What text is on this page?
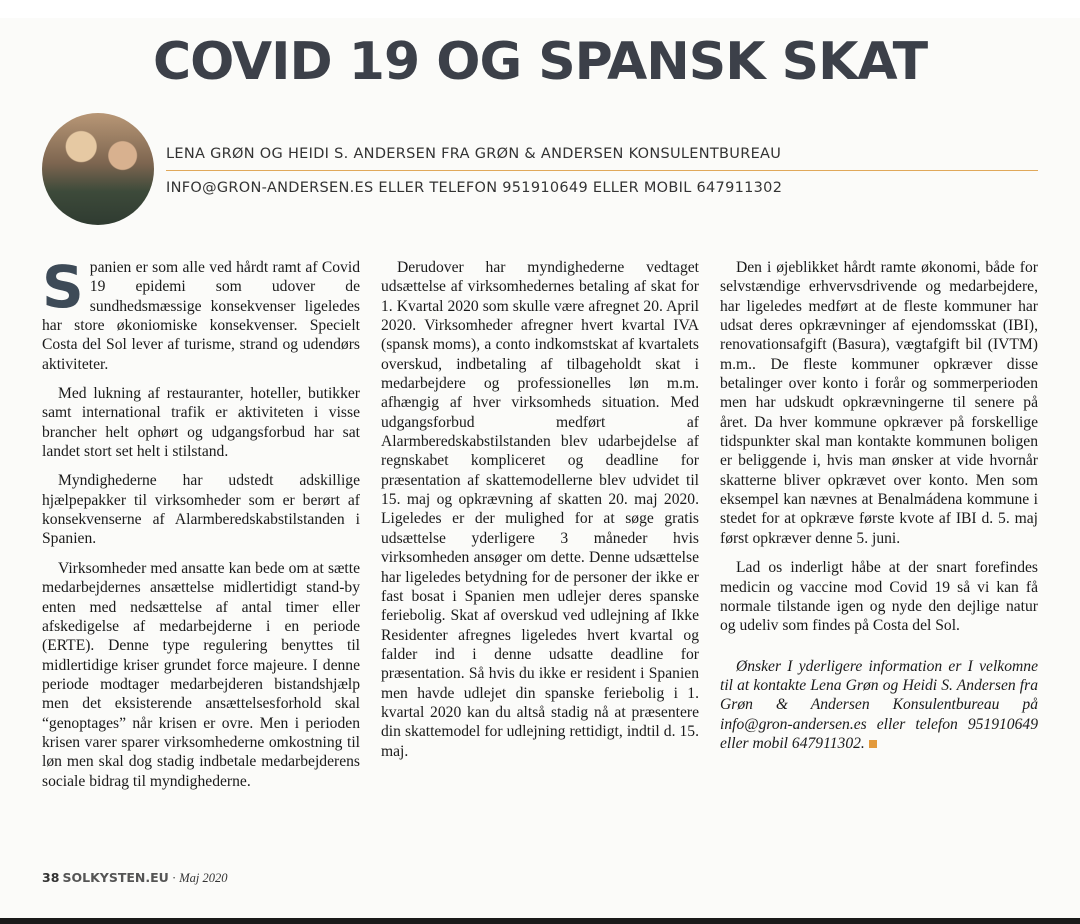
COVID 19 OG SPANSK SKAT
LENA GRØN OG HEIDI S. ANDERSEN FRA GRØN & ANDERSEN KONSULENTBUREAU
INFO@GRON-ANDERSEN.ES ELLER TELEFON 951910649 ELLER MOBIL 647911302

Spanien er som alle ved hårdt ramt af Covid 19 epidemi som udover de sundhedsmæssige konsekvenser ligeledes har store økoniomiske konsekvenser. Specielt Costa del Sol lever af turisme, strand og udendørs aktiviteter.

Med lukning af restauranter, hoteller, butikker samt international trafik er aktiviteten i visse brancher helt ophørt og udgangsforbud har sat landet stort set helt i stilstand.

Myndighederne har udstedt adskillige hjælpepakker til virksomheder som er berørt af konsekvenserne af Alarmberedskabstilstanden i Spanien.

Virksomheder med ansatte kan bede om at sætte medarbejdernes ansættelse midlertidigt stand-by enten med nedsættelse af antal timer eller afskedigelse af medarbejderne i en periode (ERTE). Denne type regulering benyttes til midlertidige kriser grundet force majeure. I denne periode modtager medarbejderen bistandshjælp men det eksisterende ansættelsesforhold skal “genoptages” når krisen er ovre. Men i perioden krisen varer sparer virksomhederne omkostning til løn men skal dog stadig indbetale medarbejderens sociale bidrag til myndighederne.

Derudover har myndighederne vedtaget udsættelse af virksomhedernes betaling af skat for 1. Kvartal 2020 som skulle være afregnet 20. April 2020. Virksomheder afregner hvert kvartal IVA (spansk moms), a conto indkomstskat af kvartalets overskud, indbetaling af tilbageholdt skat i medarbejdere og professionelles løn m.m. afhængig af hver virksomheds situation. Med udgangsforbud medført af Alarmberedskabstilstanden blev udarbejdelse af regnskabet kompliceret og deadline for præsentation af skattemodellerne blev udvidet til 15. maj og opkrævning af skatten 20. maj 2020. Ligeledes er der mulighed for at søge gratis udsættelse yderligere 3 måneder hvis virksomheden ansøger om dette. Denne udsættelse har ligeledes betydning for de personer der ikke er fast bosat i Spanien men udlejer deres spanske feriebolig. Skat af overskud ved udlejning af Ikke Residenter afregnes ligeledes hvert kvartal og falder ind i denne udsatte deadline for præsentation. Så hvis du ikke er resident i Spanien men havde udlejet din spanske feriebolig i 1. kvartal 2020 kan du altså stadig nå at præsentere din skattemodel for udlejning rettidigt, indtil d. 15. maj.

Den i øjeblikket hårdt ramte økonomi, både for selvstændige erhvervsdrivende og medarbejdere, har ligeledes medført at de fleste kommuner har udsat deres opkrævninger af ejendomsskat (IBI), renovationsafgift (Basura), vægtafgift bil (IVTM) m.m.. De fleste kommuner opkræver disse betalinger over konto i forår og sommerperioden men har udskudt opkrævningerne til senere på året. Da hver kommune opkræver på forskellige tidspunkter skal man kontakte kommunen boligen er beliggende i, hvis man ønsker at vide hvornår skatterne bliver opkrævet over konto. Men som eksempel kan nævnes at Benalmádena kommune i stedet for at opkræve første kvote af IBI d. 5. maj først opkræver denne 5. juni.

Lad os inderligt håbe at der snart forefindes medicin og vaccine mod Covid 19 så vi kan få normale tilstande igen og nyde den dejlige natur og udeliv som findes på Costa del Sol.

Ønsker I yderligere information er I velkomne til at kontakte Lena Grøn og Heidi S. Andersen fra Grøn & Andersen Konsulentbureau på info@gron-andersen.es eller telefon 951910649 eller mobil 647911302.

38 SOLKYSTEN.EU · Maj 2020
